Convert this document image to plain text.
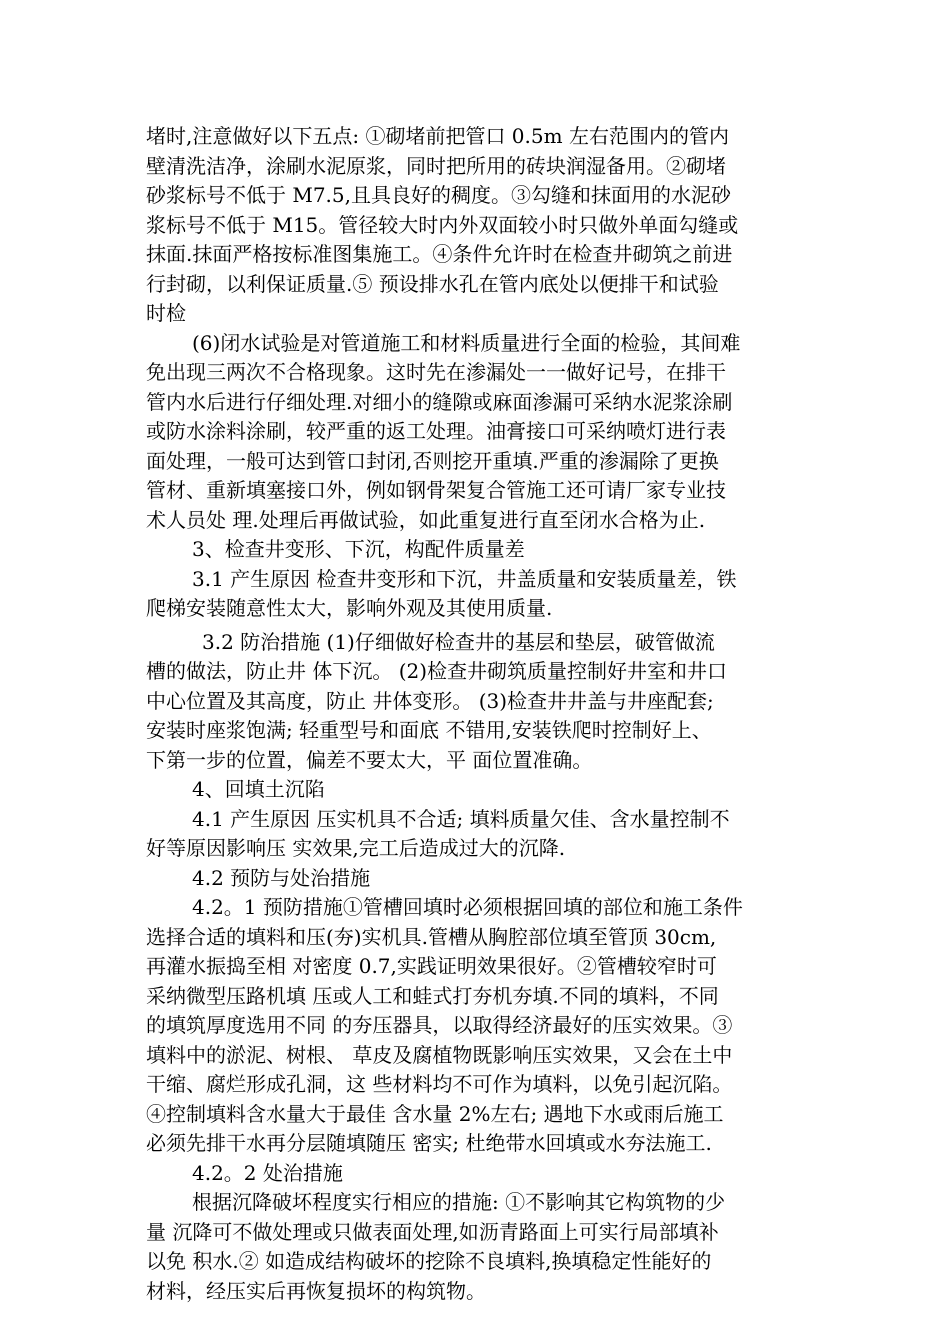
堵时,注意做好以下五点: ①砌堵前把管口 0.5m 左右范围内的管内
壁清洗洁净，涂刷水泥原浆，同时把所用的砖块润湿备用。②砌堵
砂浆标号不低于 M7.5,且具良好的稠度。③勾缝和抹面用的水泥砂
浆标号不低于 M15。管径较大时内外双面较小时只做外单面勾缝或
抹面.抹面严格按标准图集施工。④条件允许时在检查井砌筑之前进
行封砌，以利保证质量.⑤ 预设排水孔在管内底处以便排干和试验
时检
(6)闭水试验是对管道施工和材料质量进行全面的检验，其间难
免出现三两次不合格现象。这时先在渗漏处一一做好记号，在排干
管内水后进行仔细处理.对细小的缝隙或麻面渗漏可采纳水泥浆涂刷
或防水涂料涂刷，较严重的返工处理。油膏接口可采纳喷灯进行表
面处理，一般可达到管口封闭,否则挖开重填.严重的渗漏除了更换
管材、重新填塞接口外，例如钢骨架复合管施工还可请厂家专业技
术人员处 理.处理后再做试验，如此重复进行直至闭水合格为止.
3、检查井变形、下沉，构配件质量差
3.1 产生原因 检查井变形和下沉，井盖质量和安装质量差，铁
爬梯安装随意性太大，影响外观及其使用质量.
3.2 防治措施 (1)仔细做好检查井的基层和垫层，破管做流
槽的做法，防止井 体下沉。 (2)检查井砌筑质量控制好井室和井口
中心位置及其高度，防止 井体变形。 (3)检查井井盖与井座配套;
安装时座浆饱满; 轻重型号和面底 不错用,安装铁爬时控制好上、
下第一步的位置，偏差不要太大，平 面位置准确。
4、回填土沉陷
4.1 产生原因 压实机具不合适; 填料质量欠佳、含水量控制不
好等原因影响压 实效果,完工后造成过大的沉降.
4.2 预防与处治措施
4.2。1 预防措施①管槽回填时必须根据回填的部位和施工条件
选择合适的填料和压(夯)实机具.管槽从胸腔部位填至管顶 30cm,
再灌水振捣至相 对密度 0.7,实践证明效果很好。②管槽较窄时可
采纳微型压路机填 压或人工和蛙式打夯机夯填.不同的填料，不同
的填筑厚度选用不同 的夯压器具，以取得经济最好的压实效果。③
填料中的淤泥、树根、 草皮及腐植物既影响压实效果，又会在土中
干缩、腐烂形成孔洞，这 些材料均不可作为填料，以免引起沉陷。
④控制填料含水量大于最佳 含水量 2%左右; 遇地下水或雨后施工
必须先排干水再分层随填随压 密实; 杜绝带水回填或水夯法施工.
4.2。2 处治措施
根据沉降破坏程度实行相应的措施: ①不影响其它构筑物的少
量 沉降可不做处理或只做表面处理,如沥青路面上可实行局部填补
以免 积水.② 如造成结构破坏的挖除不良填料,换填稳定性能好的
材料，经压实后再恢复损坏的构筑物。
